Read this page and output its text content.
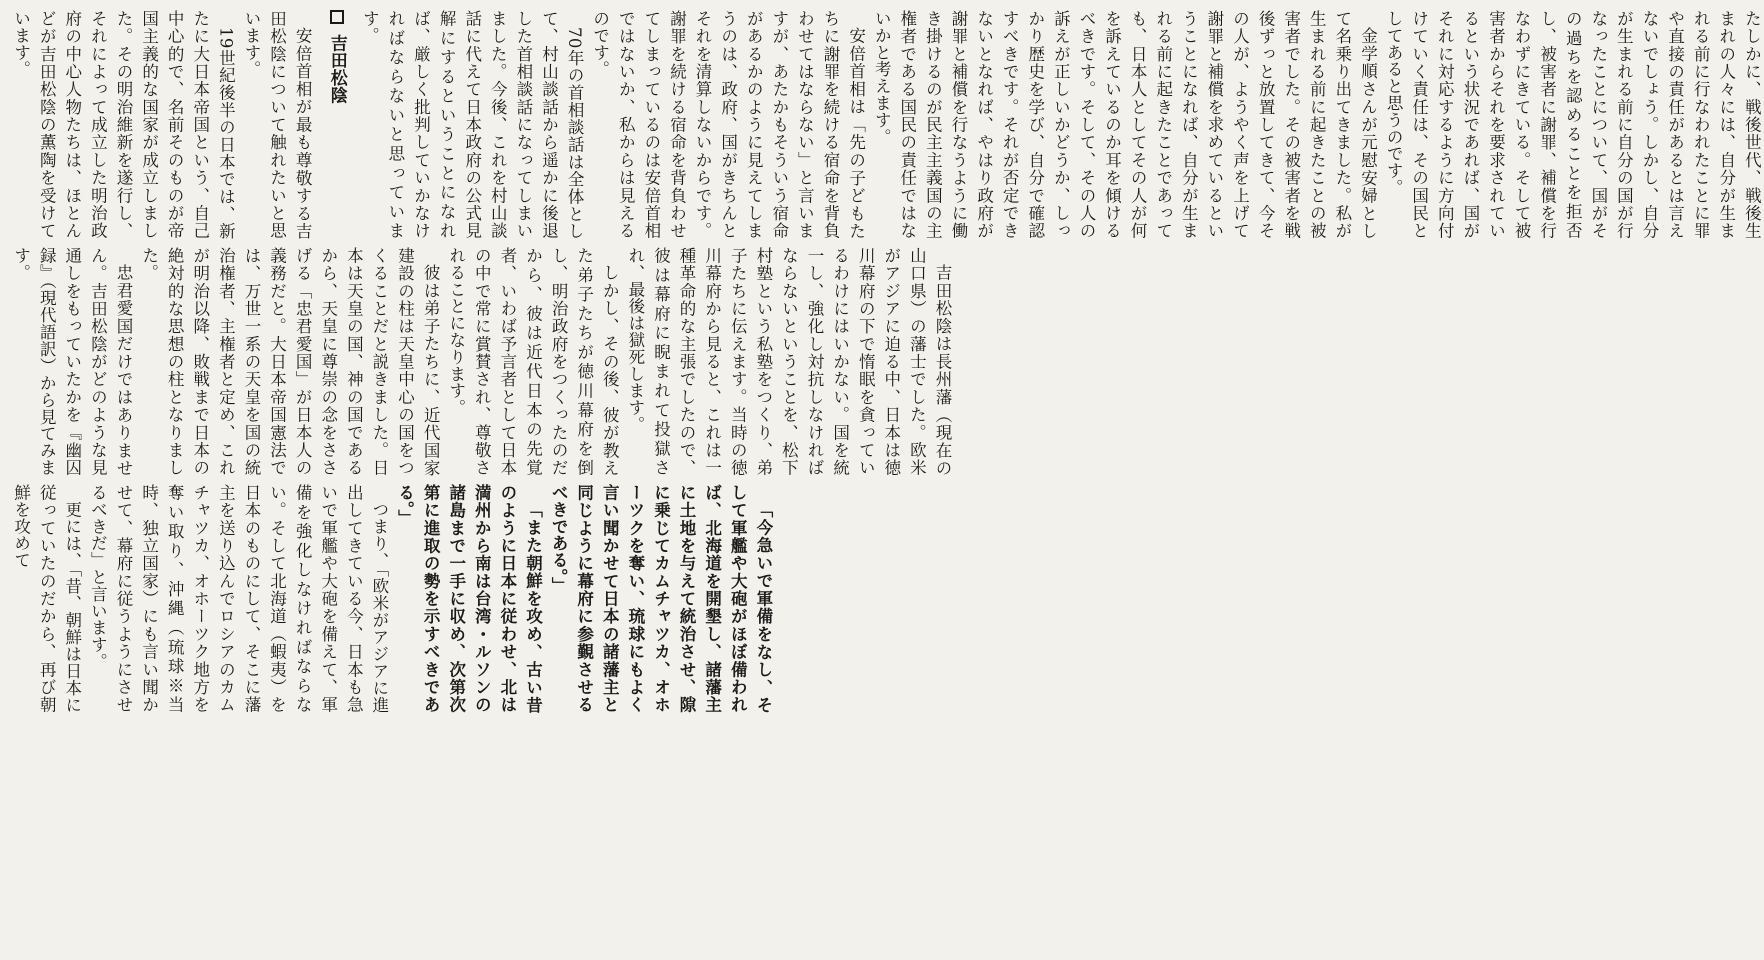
たしかに、戦後世代、戦後生まれの人々には、自分が生まれる前に行なわれたことに罪や直接の責任があるとは言えないでしょう。しかし、自分が生まれる前に自分の国が行なったことについて、国がその過ちを認めることを拒否し、被害者に謝罪、補償を行なわずにきている。そして被害者からそれを要求されているという状況であれば、国がそれに対応するように方向付けていく責任は、その国民としてあると思うのです。

金学順さんが元慰安婦として名乗り出てきました。私が生まれる前に起きたことの被害者でした。その被害者を戦後ずっと放置してきて、今その人が、ようやく声を上げて謝罪と補償を求めているということになれば、自分が生まれる前に起きたことであっても、日本人としてその人が何を訴えているのか耳を傾けるべきです。そして、その人の訴えが正しいかどうか、しっかり歴史を学び、自分で確認すべきです。それが否定できないとなれば、やはり政府が謝罪と補償を行なうように働き掛けるのが民主主義国の主権者である国民の責任ではないかと考えます。

安倍首相は「先の子どもたちに謝罪を続ける宿命を背負わせてはならない」と言いますが、あたかもそういう宿命があるかのように見えてしまうのは、政府、国がきちんとそれを清算しないからです。謝罪を続ける宿命を背負わせてしまっているのは安倍首相ではないか、私からは見えるのです。

70年の首相談話は全体として、村山談話から遥かに後退した首相談話になってしまいました。今後、これを村山談話に代えて日本政府の公式見解にするということになれば、厳しく批判していかなければならないと思っています。

吉田松陰

安倍首相が最も尊敬する吉田松陰について触れたいと思います。

19世紀後半の日本では、新たに大日本帝国という、自己中心的で、名前そのものが帝国主義的な国家が成立しました。その明治維新を遂行し、それによって成立した明治政府の中心人物たちは、ほとんどが吉田松陰の薫陶を受けています。

吉田松陰は長州藩（現在の山口県）の藩士でした。欧米がアジアに迫る中、日本は徳川幕府の下で惰眠を貪っているわけにはいかない。国を統一し、強化し対抗しなければならないということを、松下村塾という私塾をつくり、弟子たちに伝えます。当時の徳川幕府から見ると、これは一種革命的な主張でしたので、彼は幕府に睨まれて投獄され、最後は獄死します。

しかし、その後、彼が教えた弟子たちが徳川幕府を倒し、明治政府をつくったのだから、彼は近代日本の先覚者、いわば予言者として日本の中で常に賞賛され、尊敬されることになります。

彼は弟子たちに、近代国家建設の柱は天皇中心の国をつくることだと説きました。日本は天皇の国、神の国であるから、天皇に尊崇の念をささげる「忠君愛国」が日本人の義務だと。大日本帝国憲法では、万世一系の天皇を国の統治権者、主権者と定め、これが明治以降、敗戦まで日本の絶対的な思想の柱となりました。

忠君愛国だけではありません。吉田松陰がどのような見通しをもっていたかを『幽囚録』（現代語訳）から見てみます。

「今急いで軍備をなし、そして軍艦や大砲がほぼ備われば、北海道を開墾し、諸藩主に土地を与えて統治させ、隙に乗じてカムチャツカ、オホーツクを奪い、琉球にもよく言い聞かせて日本の諸藩主と同じように幕府に参覲させるべきである。」

「また朝鮮を攻め、古い昔のように日本に従わせ、北は満州から南は台湾・ルソンの諸島まで一手に収め、次第次第に進取の勢を示すべきである。」

つまり、「欧米がアジアに進出してきている今、日本も急いで軍艦や大砲を備えて、軍備を強化しなければならない。そして北海道（蝦夷）を日本のものにして、そこに藩主を送り込んでロシアのカムチャツカ、オホーツク地方を奪い取り、沖縄（琉球※当時、独立国家）にも言い聞かせて、幕府に従うようにさせるべきだ」と言います。

更には、「昔、朝鮮は日本に従っていたのだから、再び朝鮮を攻めて
